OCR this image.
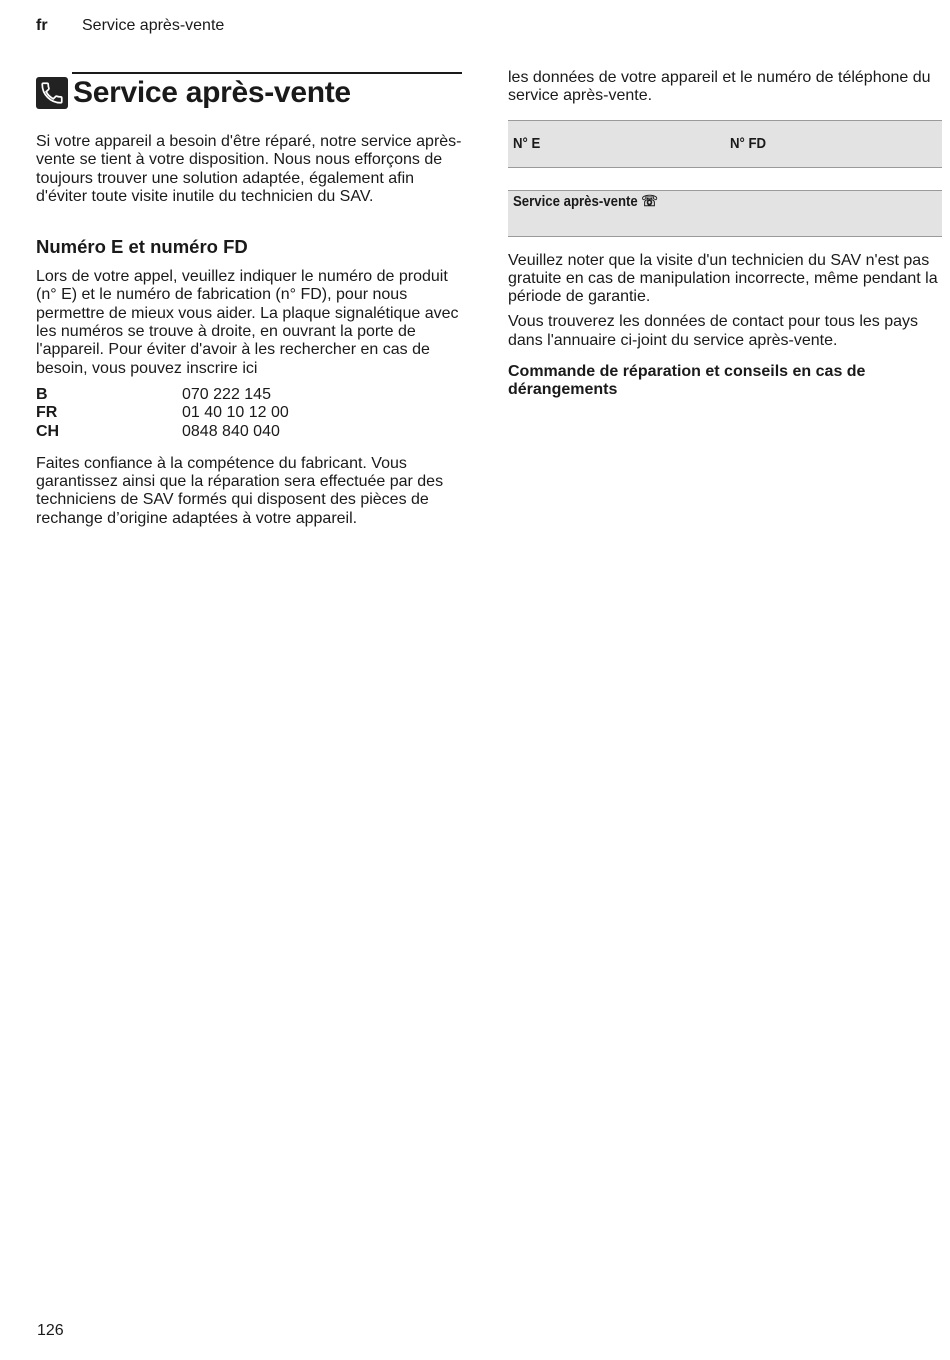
fr Service après-vente
Service après-vente

Si votre appareil a besoin d'être réparé, notre service après-vente se tient à votre disposition. Nous nous efforçons de toujours trouver une solution adaptée, également afin d'éviter toute visite inutile du technicien du SAV.

Numéro E et numéro FD

Lors de votre appel, veuillez indiquer le numéro de produit (n° E) et le numéro de fabrication (n° FD), pour nous permettre de mieux vous aider. La plaque signalétique avec les numéros se trouve à droite, en ouvrant la porte de l'appareil. Pour éviter d'avoir à les rechercher en cas de besoin, vous pouvez inscrire ici

B	070 222 145
FR	01 40 10 12 00
CH	0848 840 040

Faites confiance à la compétence du fabricant. Vous garantissez ainsi que la réparation sera effectuée par des techniciens de SAV formés qui disposent des pièces de rechange d’origine adaptées à votre appareil.

les données de votre appareil et le numéro de téléphone du service après-vente.

N° E	N° FD
Service après-vente ☏

Veuillez noter que la visite d'un technicien du SAV n'est pas gratuite en cas de manipulation incorrecte, même pendant la période de garantie.

Vous trouverez les données de contact pour tous les pays dans l'annuaire ci-joint du service après-vente.

Commande de réparation et conseils en cas de dérangements
126
